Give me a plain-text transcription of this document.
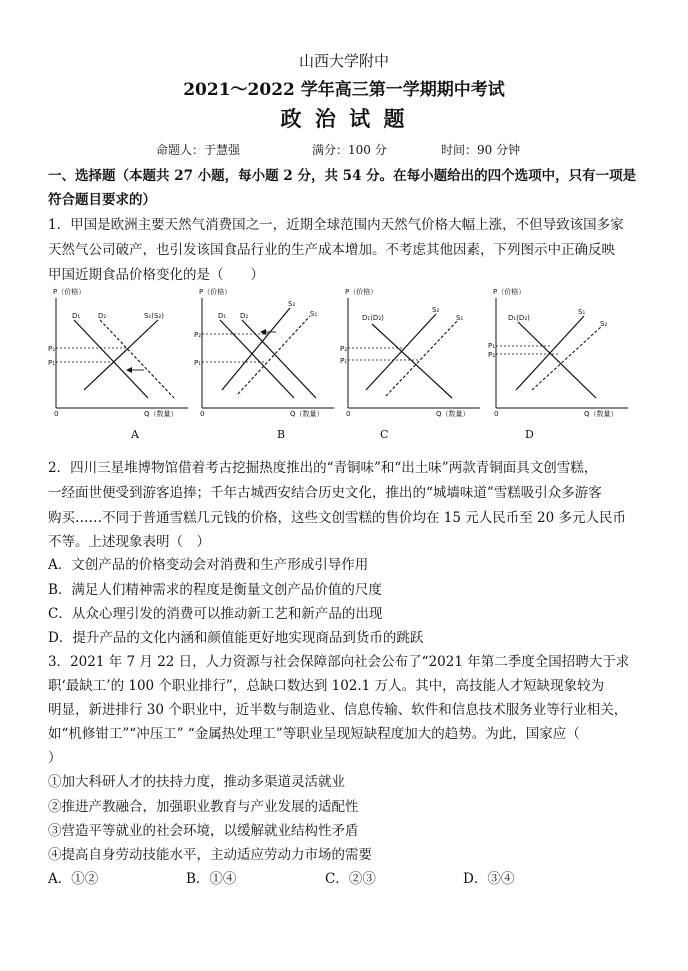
山西大学附中
2021～2022 学年高三第一学期期中考试
政 治 试 题
命题人：于慧强	满分：100 分	时间：90 分钟
一、选择题（本题共 27 小题，每小题 2 分，共 54 分。在每小题给出的四个选项中，只有一项是
符合题目要求的）
1．甲国是欧洲主要天然气消费国之一，近期全球范围内天然气价格大幅上涨，不但导致该国多家
天然气公司破产，也引发该国食品行业的生产成本增加。不考虑其他因素，下列图示中正确反映
甲国近期食品价格变化的是（　　）
P（价格）
0	Q（数量）
D₁	D₂	S₁(S₂)
P₂
P₁
A
P（价格）
0	Q（数量）
D₁ D₂
S₂
S₁
P₂
P₁
B
P（价格）
0	Q（数量）
D₁(D₂)
S₂
S₁
P₂
P₁
C
P（价格）
0	Q（数量）
D₁(D₂)
S₁
S₂
P₁
P₂
D
2．四川三星堆博物馆借着考古挖掘热度推出的“青铜味”和“出土味”两款青铜面具文创雪糕，
一经面世便受到游客追捧；千年古城西安结合历史文化，推出的“城墙味道”雪糕吸引众多游客
购买……不同于普通雪糕几元钱的价格，这些文创雪糕的售价均在 15 元人民币至 20 多元人民币
不等。上述现象表明（　）
A．文创产品的价格变动会对消费和生产形成引导作用
B．满足人们精神需求的程度是衡量文创产品价值的尺度
C．从众心理引发的消费可以推动新工艺和新产品的出现
D．提升产品的文化内涵和颜值能更好地实现商品到货币的跳跃
3．2021 年 7 月 22 日，人力资源与社会保障部向社会公布了“2021 年第二季度全国招聘大于求
职‘最缺工’的 100 个职业排行”，总缺口数达到 102.1 万人。其中，高技能人才短缺现象较为
明显，新进排行 30 个职业中，近半数与制造业、信息传输、软件和信息技术服务业等行业相关，
如“机修钳工”“冲压工” “金属热处理工”等职业呈现短缺程度加大的趋势。为此，国家应（
）
①加大科研人才的扶持力度，推动多渠道灵活就业
②推进产教融合，加强职业教育与产业发展的适配性
③营造平等就业的社会环境，以缓解就业结构性矛盾
④提高自身劳动技能水平，主动适应劳动力市场的需要
A．①②	B．①④	C．②③	D．③④
